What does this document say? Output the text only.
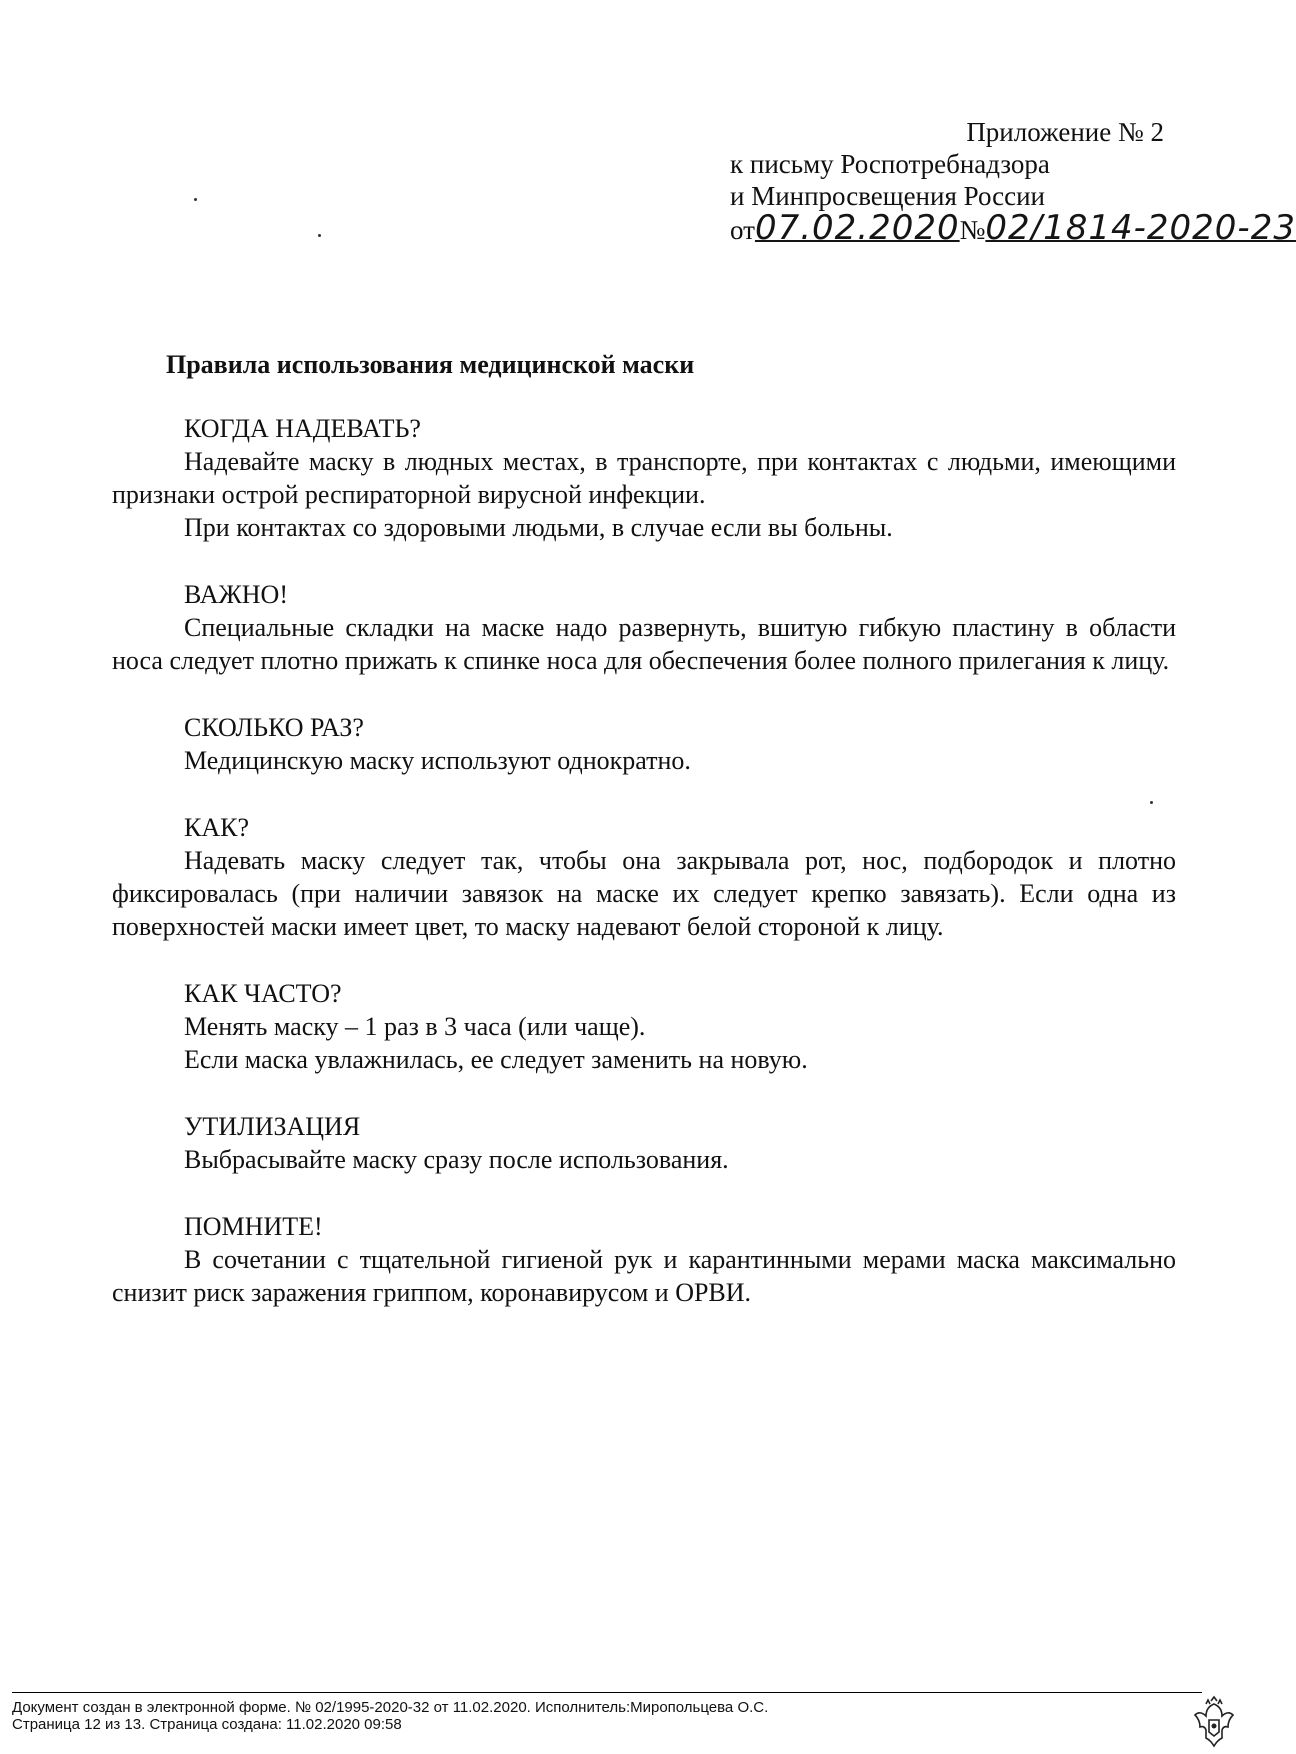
Приложение № 2
к письму Роспотребнадзора
и Минпросвещения России
от07.02.2020№02/1814-2020-23
Правила использования медицинской маски
КОГДА НАДЕВАТЬ?
Надевайте маску в людных местах, в транспорте, при контактах с людьми, имеющими признаки острой респираторной вирусной инфекции.
При контактах со здоровыми людьми, в случае если вы больны.
ВАЖНО!
Специальные складки на маске надо развернуть, вшитую гибкую пластину в области носа следует плотно прижать к спинке носа для обеспечения более полного прилегания к лицу.
СКОЛЬКО РАЗ?
Медицинскую маску используют однократно.
КАК?
Надевать маску следует так, чтобы она закрывала рот, нос, подбородок и плотно фиксировалась (при наличии завязок на маске их следует крепко завязать). Если одна из поверхностей маски имеет цвет, то маску надевают белой стороной к лицу.
КАК ЧАСТО?
Менять маску – 1 раз в 3 часа (или чаще).
Если маска увлажнилась, ее следует заменить на новую.
УТИЛИЗАЦИЯ
Выбрасывайте маску сразу после использования.
ПОМНИТЕ!
В сочетании с тщательной гигиеной рук и карантинными мерами маска максимально снизит риск заражения гриппом, коронавирусом и ОРВИ.
Документ создан в электронной форме. № 02/1995-2020-32 от 11.02.2020. Исполнитель:Миропольцева О.С.
Страница 12 из 13. Страница создана: 11.02.2020 09:58
